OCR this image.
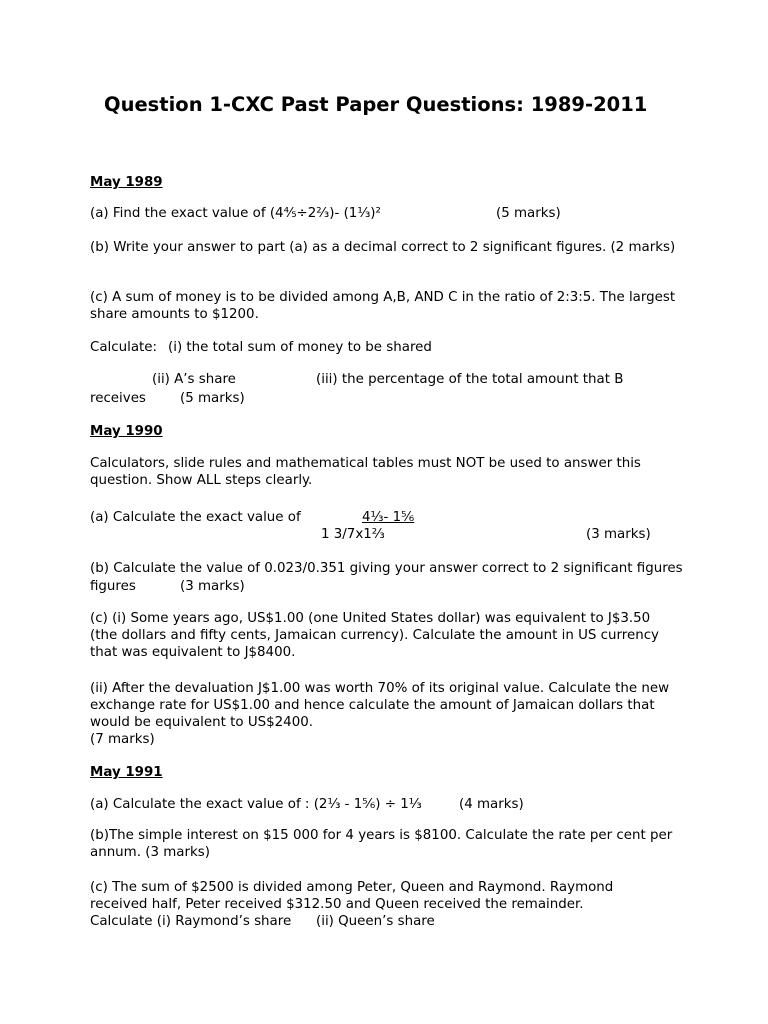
Question 1-CXC Past Paper Questions: 1989-2011
May 1989
(a) Find the exact value of (4⅘÷2⅔)- (1⅓)²	(5 marks)
(b) Write your answer to part (a) as a decimal correct to 2 significant figures. (2 marks)
(c) A sum of money is to be divided among A,B, AND C in the ratio of 2:3:5. The largest share amounts to $1200.
Calculate: (i) the total sum of money to be shared
(ii) A’s share	(iii) the percentage of the total amount that B
receives	(5 marks)
May 1990
Calculators, slide rules and mathematical tables must NOT be used to answer this question. Show ALL steps clearly.
(a) Calculate the exact value of	4⅓- 1⅚
1 3/7x1⅔	(3 marks)
(b) Calculate the value of 0.023/0.351 giving your answer correct to 2 significant figures
figures	(3 marks)
(c) (i) Some years ago, US$1.00 (one United States dollar) was equivalent to J$3.50 (the dollars and fifty cents, Jamaican currency). Calculate the amount in US currency that was equivalent to J$8400.
(ii) After the devaluation J$1.00 was worth 70% of its original value. Calculate the new exchange rate for US$1.00 and hence calculate the amount of Jamaican dollars that would be equivalent to US$2400.
(7 marks)
May 1991
(a) Calculate the exact value of : (2⅓ - 1⅚) ÷ 1⅓	(4 marks)
(b)The simple interest on $15 000 for 4 years is $8100. Calculate the rate per cent per annum. (3 marks)
(c) The sum of $2500 is divided among Peter, Queen and Raymond. Raymond received half, Peter received $312.50 and Queen received the remainder.
Calculate (i) Raymond’s share (ii) Queen’s share
